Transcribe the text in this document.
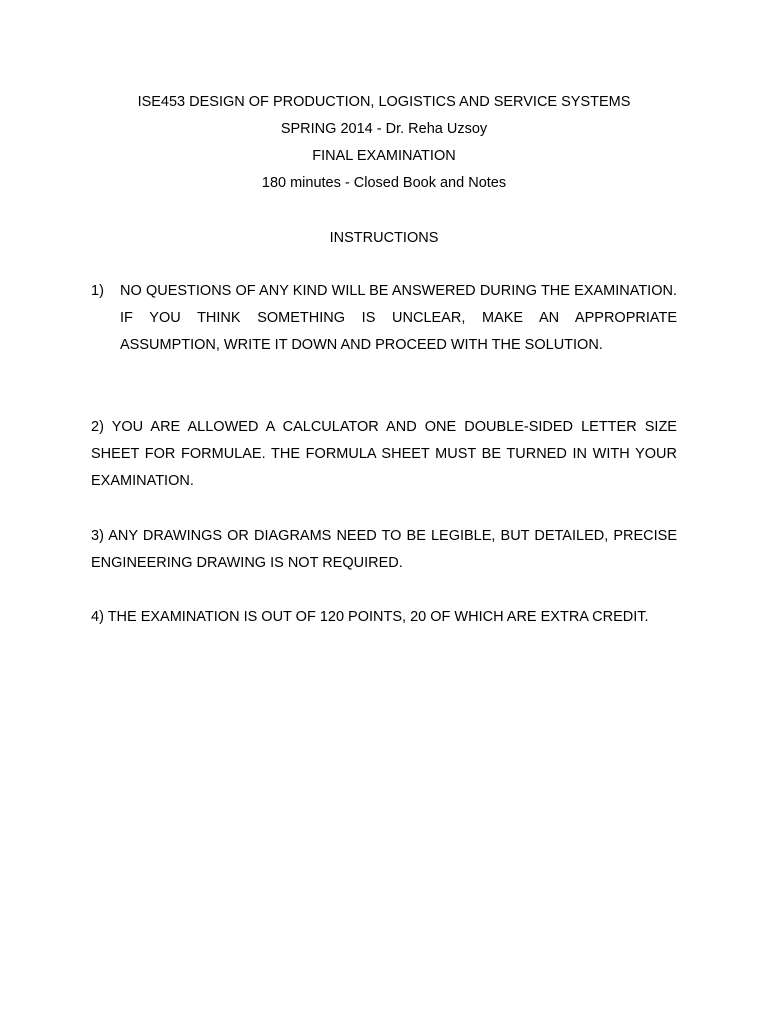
ISE453 DESIGN OF PRODUCTION, LOGISTICS AND SERVICE SYSTEMS
SPRING 2014 - Dr. Reha Uzsoy
FINAL EXAMINATION
180 minutes - Closed Book and Notes
INSTRUCTIONS
1)	NO QUESTIONS OF ANY KIND WILL BE ANSWERED DURING THE EXAMINATION. IF YOU THINK SOMETHING IS UNCLEAR, MAKE AN APPROPRIATE ASSUMPTION, WRITE IT DOWN AND PROCEED WITH THE SOLUTION.
2) YOU ARE ALLOWED A CALCULATOR AND ONE DOUBLE-SIDED LETTER SIZE SHEET FOR FORMULAE. THE FORMULA SHEET MUST BE TURNED IN WITH YOUR EXAMINATION.
3) ANY DRAWINGS OR DIAGRAMS NEED TO BE LEGIBLE, BUT DETAILED, PRECISE ENGINEERING DRAWING IS NOT REQUIRED.
4) THE EXAMINATION IS OUT OF 120 POINTS, 20 OF WHICH ARE EXTRA CREDIT.
